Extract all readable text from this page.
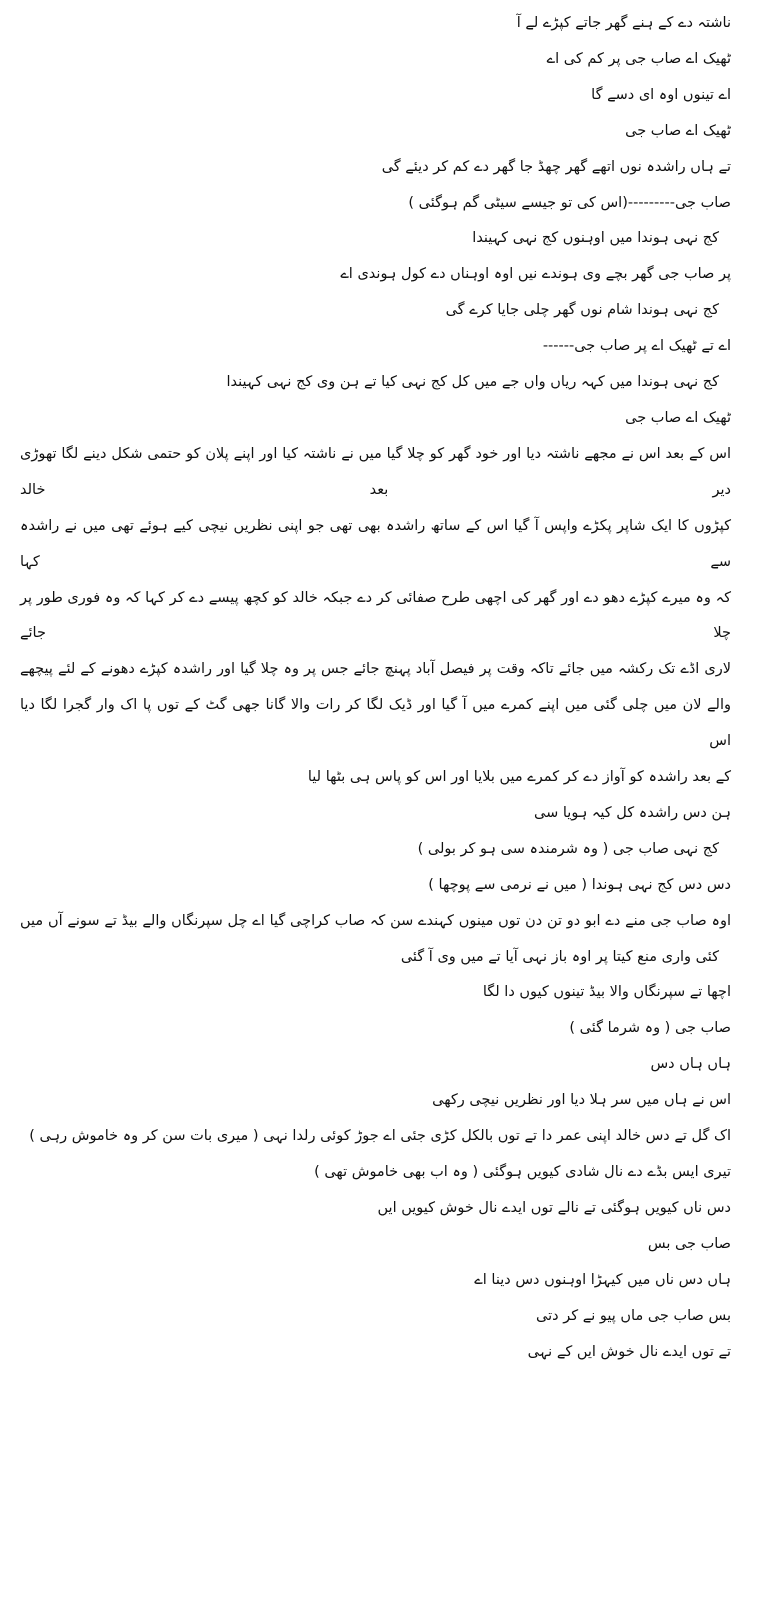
ناشتہ دے کے ہنے گھر جاتے کپڑے لے آ
ٹھیک اے صاب جی پر کم کی اے
اے تینوں اوہ ای دسے گا
ٹھیک اے صاب جی
تے ہاں راشدہ نوں اتھے گھر چھڈ جا گھر دے کم کر دیئے گی
صاب جی---------(اس کی تو جیسے سیٹی گم ہوگئی )
کج نہی ہوندا میں اوہنوں کج نہی کہیندا
پر صاب جی گھر بچے وی ہوندے نیں اوہ اوہناں دے کول ہوندی اے
کج نہی ہوندا شام نوں گھر چلی جایا کرے گی
اے تے ٹھیک اے پر صاب جی------
کج نہی ہوندا میں کہہ ریاں واں جے میں کل کج نہی کیا تے ہن وی کج نہی کہیندا
ٹھیک اے صاب جی
اس کے بعد اس نے مجھے ناشتہ دیا اور خود گھر کو چلا گیا میں نے ناشتہ کیا اور اپنے پلان کو حتمی شکل دینے لگا تھوڑی دیر بعد خالد
کپڑوں کا ایک شاپر پکڑے واپس آ گیا اس کے ساتھ راشدہ بھی تھی جو اپنی نظریں نیچی کیے ہوئے تھی میں نے راشدہ سے کہا
کہ وہ میرے کپڑے دھو دے اور گھر کی اچھی طرح صفائی کر دے جبکہ خالد کو کچھ پیسے دے کر کہا کہ وہ فوری طور پر چلا جائے
لاری اڈے تک رکشہ میں جائے تاکہ وقت پر فیصل آباد پہنچ جائے جس پر وہ چلا گیا اور راشدہ کپڑے دھونے کے لئے پیچھے
والے لان میں چلی گئی میں اپنے کمرے میں آ گیا اور ڈیک لگا کر رات والا گانا جھی گٹ کے توں پا اک وار گجرا لگا دیا اس
کے بعد راشدہ کو آواز دے کر کمرے میں بلایا اور اس کو پاس ہی بٹھا لیا
ہن دس راشدہ کل کیہ ہویا سی
کج نہی صاب جی ( وہ شرمندہ سی ہو کر بولی )
دس دس کج نہی ہوندا ( میں نے نرمی سے پوچھا )
اوہ صاب جی منے دے ابو دو تن دن توں مینوں کہندے سن کہ صاب کراچی گیا اے چل سپرنگاں والے بیڈ تے سونے آں میں
کئی واری منع کیتا پر اوہ باز نہی آیا تے میں وی آ گئی
اچھا تے سپرنگاں والا بیڈ تینوں کیوں دا لگا
صاب جی ( وہ شرما گئی )
ہاں ہاں دس
اس نے ہاں میں سر ہلا دیا اور نظریں نیچی رکھی
اک گل تے دس خالد اپنی عمر دا تے توں بالکل کڑی جئی اے جوڑ کوئی رلدا نہی ( میری بات سن کر وہ خاموش رہی )
تیری ایس بڈے دے نال شادی کیویں ہوگئی ( وہ اب بھی خاموش تھی )
دس ناں کیویں ہوگئی تے نالے توں ایدے نال خوش کیویں ایں
صاب جی بس
ہاں دس ناں میں کیہڑا اوہنوں دس دینا اے
بس صاب جی ماں پیو نے کر دتی
تے توں ایدے نال خوش ایں کے نہی
